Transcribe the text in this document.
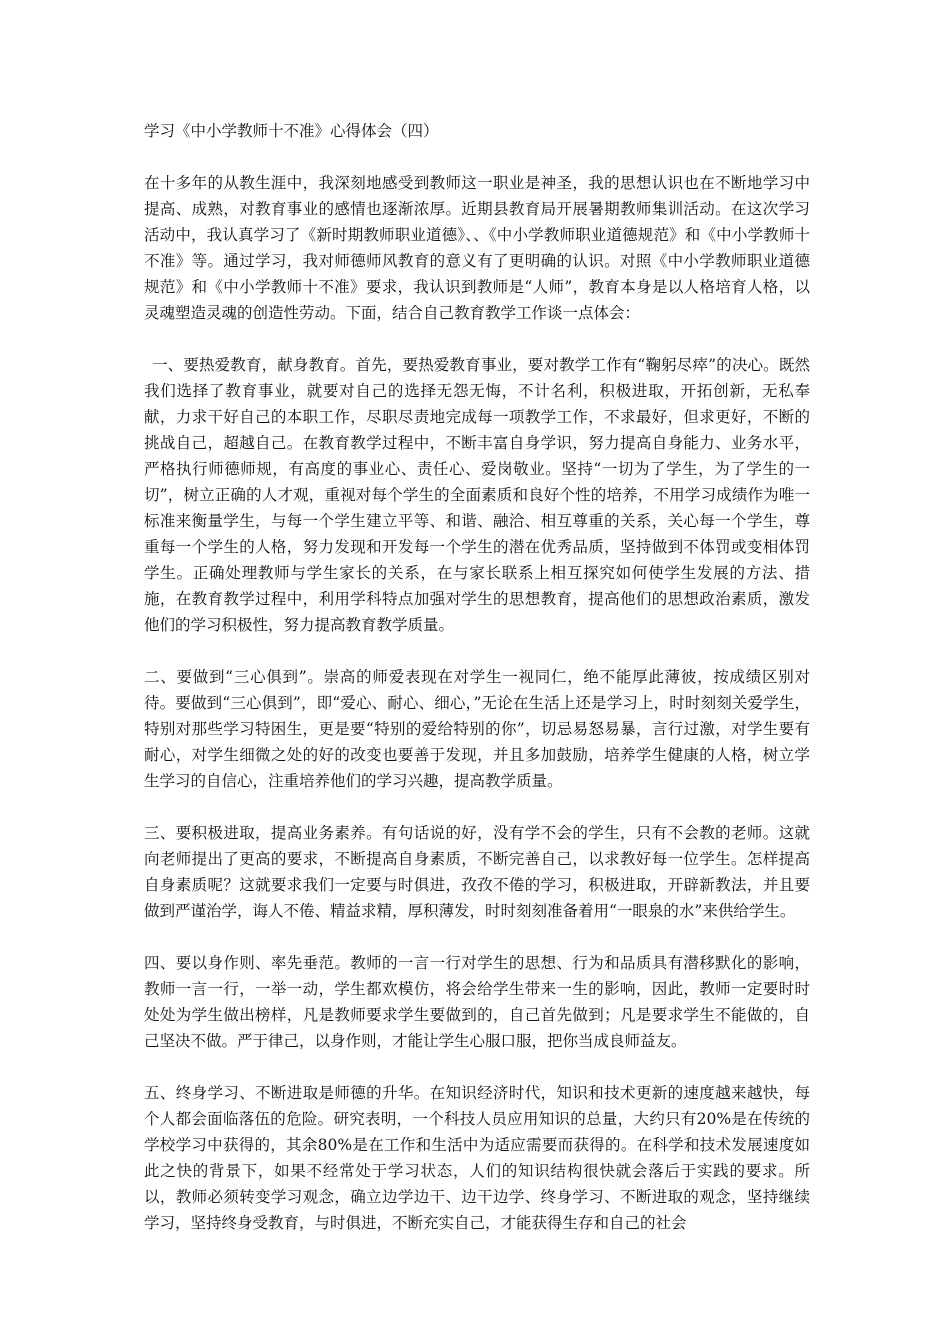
学习《中小学教师十不准》心得体会（四）

在十多年的从教生涯中，我深刻地感受到教师这一职业是神圣，我的思想认识也在不断地学习中提高、成熟，对教育事业的感情也逐渐浓厚。近期县教育局开展暑期教师集训活动。在这次学习活动中，我认真学习了《新时期教师职业道德》、、《中小学教师职业道德规范》和《中小学教师十不准》等。通过学习，我对师德师风教育的意义有了更明确的认识。对照《中小学教师职业道德规范》和《中小学教师十不准》要求，我认识到教师是“人师”，教育本身是以人格培育人格，以灵魂塑造灵魂的创造性劳动。下面，结合自己教育教学工作谈一点体会：

一、要热爱教育，献身教育。首先，要热爱教育事业，要对教学工作有“鞠躬尽瘁”的决心。既然我们选择了教育事业，就要对自己的选择无怨无悔，不计名利，积极进取，开拓创新，无私奉献，力求干好自己的本职工作，尽职尽责地完成每一项教学工作，不求最好，但求更好，不断的挑战自己，超越自己。在教育教学过程中，不断丰富自身学识，努力提高自身能力、业务水平，严格执行师德师规，有高度的事业心、责任心、爱岗敬业。坚持“一切为了学生，为了学生的一切”，树立正确的人才观，重视对每个学生的全面素质和良好个性的培养，不用学习成绩作为唯一标准来衡量学生，与每一个学生建立平等、和谐、融洽、相互尊重的关系，关心每一个学生，尊重每一个学生的人格，努力发现和开发每一个学生的潜在优秀品质，坚持做到不体罚或变相体罚学生。正确处理教师与学生家长的关系，在与家长联系上相互探究如何使学生发展的方法、措施，在教育教学过程中，利用学科特点加强对学生的思想教育，提高他们的思想政治素质，激发他们的学习积极性，努力提高教育教学质量。

二、要做到“三心俱到”。崇高的师爱表现在对学生一视同仁，绝不能厚此薄彼，按成绩区别对待。要做到“三心俱到”，即“爱心、耐心、细心，”无论在生活上还是学习上，时时刻刻关爱学生，特别对那些学习特困生，更是要“特别的爱给特别的你”，切忌易怒易暴，言行过激，对学生要有耐心，对学生细微之处的好的改变也要善于发现，并且多加鼓励，培养学生健康的人格，树立学生学习的自信心，注重培养他们的学习兴趣，提高教学质量。

三、要积极进取，提高业务素养。有句话说的好，没有学不会的学生，只有不会教的老师。这就向老师提出了更高的要求，不断提高自身素质，不断完善自己，以求教好每一位学生。怎样提高自身素质呢？这就要求我们一定要与时俱进，孜孜不倦的学习，积极进取，开辟新教法，并且要做到严谨治学，诲人不倦、精益求精，厚积薄发，时时刻刻准备着用“一眼泉的水”来供给学生。

四、要以身作则、率先垂范。教师的一言一行对学生的思想、行为和品质具有潜移默化的影响，教师一言一行，一举一动，学生都欢模仿，将会给学生带来一生的影响，因此，教师一定要时时处处为学生做出榜样，凡是教师要求学生要做到的，自己首先做到；凡是要求学生不能做的，自己坚决不做。严于律己，以身作则，才能让学生心服口服，把你当成良师益友。

五、终身学习、不断进取是师德的升华。在知识经济时代，知识和技术更新的速度越来越快，每个人都会面临落伍的危险。研究表明，一个科技人员应用知识的总量，大约只有20%是在传统的学校学习中获得的，其余80%是在工作和生活中为适应需要而获得的。在科学和技术发展速度如此之快的背景下，如果不经常处于学习状态，人们的知识结构很快就会落后于实践的要求。所以，教师必须转变学习观念，确立边学边干、边干边学、终身学习、不断进取的观念，坚持继续学习，坚持终身受教育，与时俱进，不断充实自己，才能获得生存和自己的社会
